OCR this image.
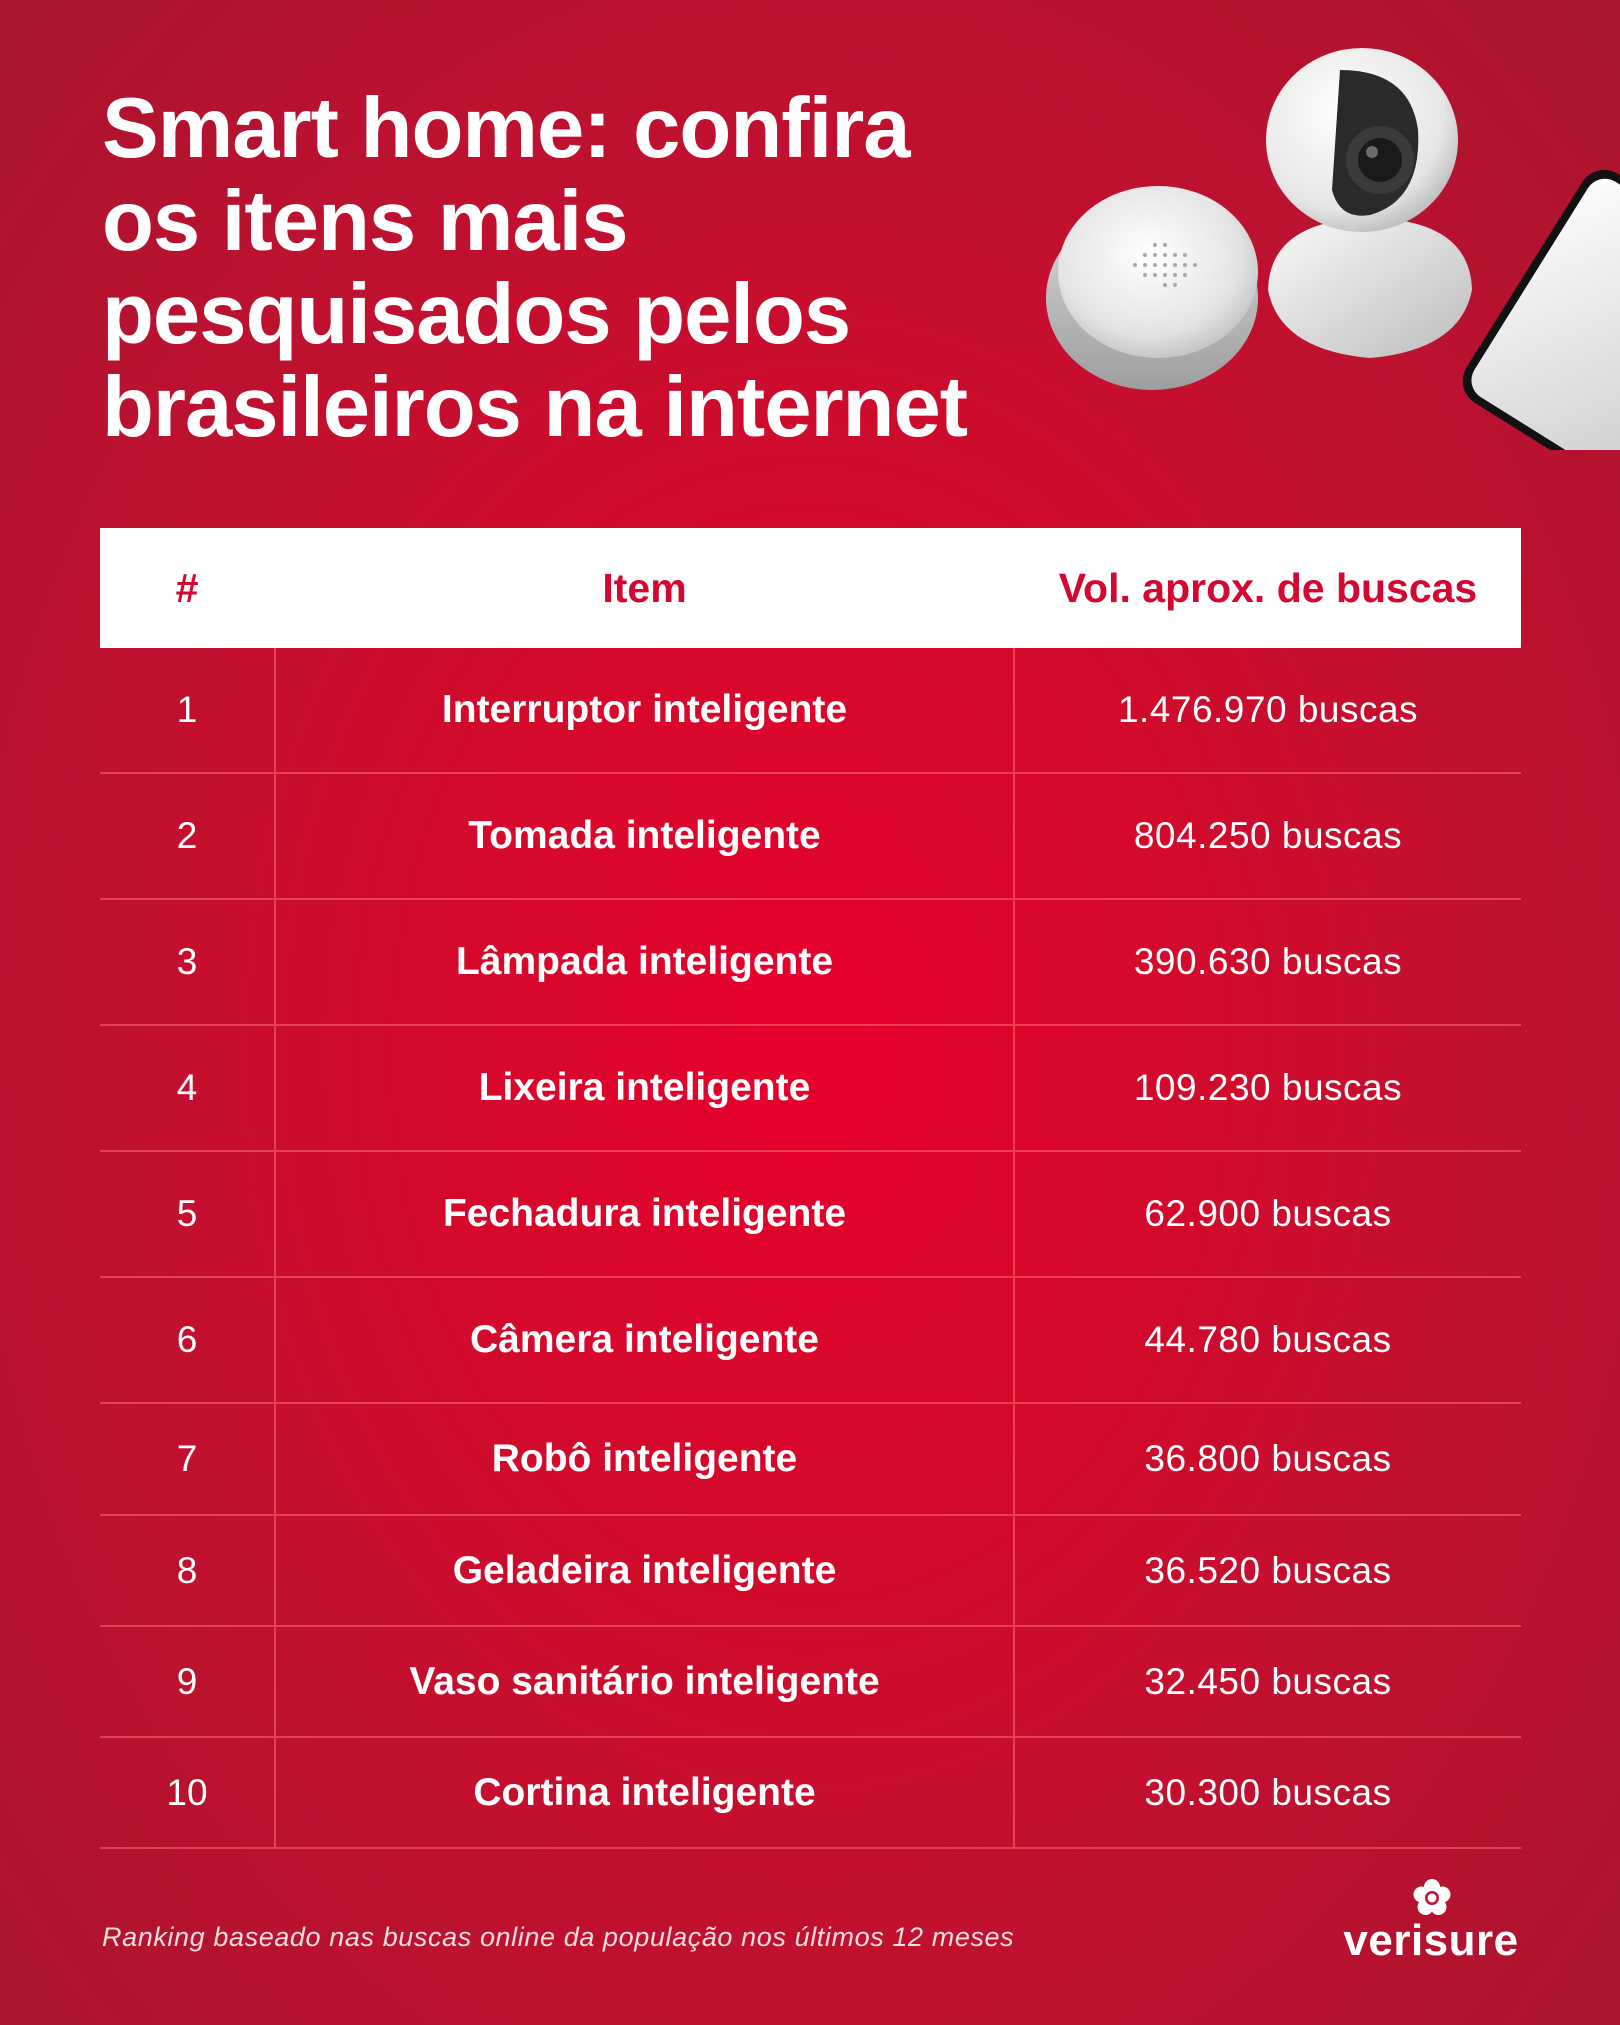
Smart home: confira
os itens mais
pesquisados pelos
brasileiros na internet
#	Item	Vol. aprox. de buscas
1	Interruptor inteligente	1.476.970 buscas
2	Tomada inteligente	804.250 buscas
3	Lâmpada inteligente	390.630 buscas
4	Lixeira inteligente	109.230 buscas
5	Fechadura inteligente	62.900 buscas
6	Câmera inteligente	44.780 buscas
7	Robô inteligente	36.800 buscas
8	Geladeira inteligente	36.520 buscas
9	Vaso sanitário inteligente	32.450 buscas
10	Cortina inteligente	30.300 buscas
Ranking baseado nas buscas online da população nos últimos 12 meses	verisure
